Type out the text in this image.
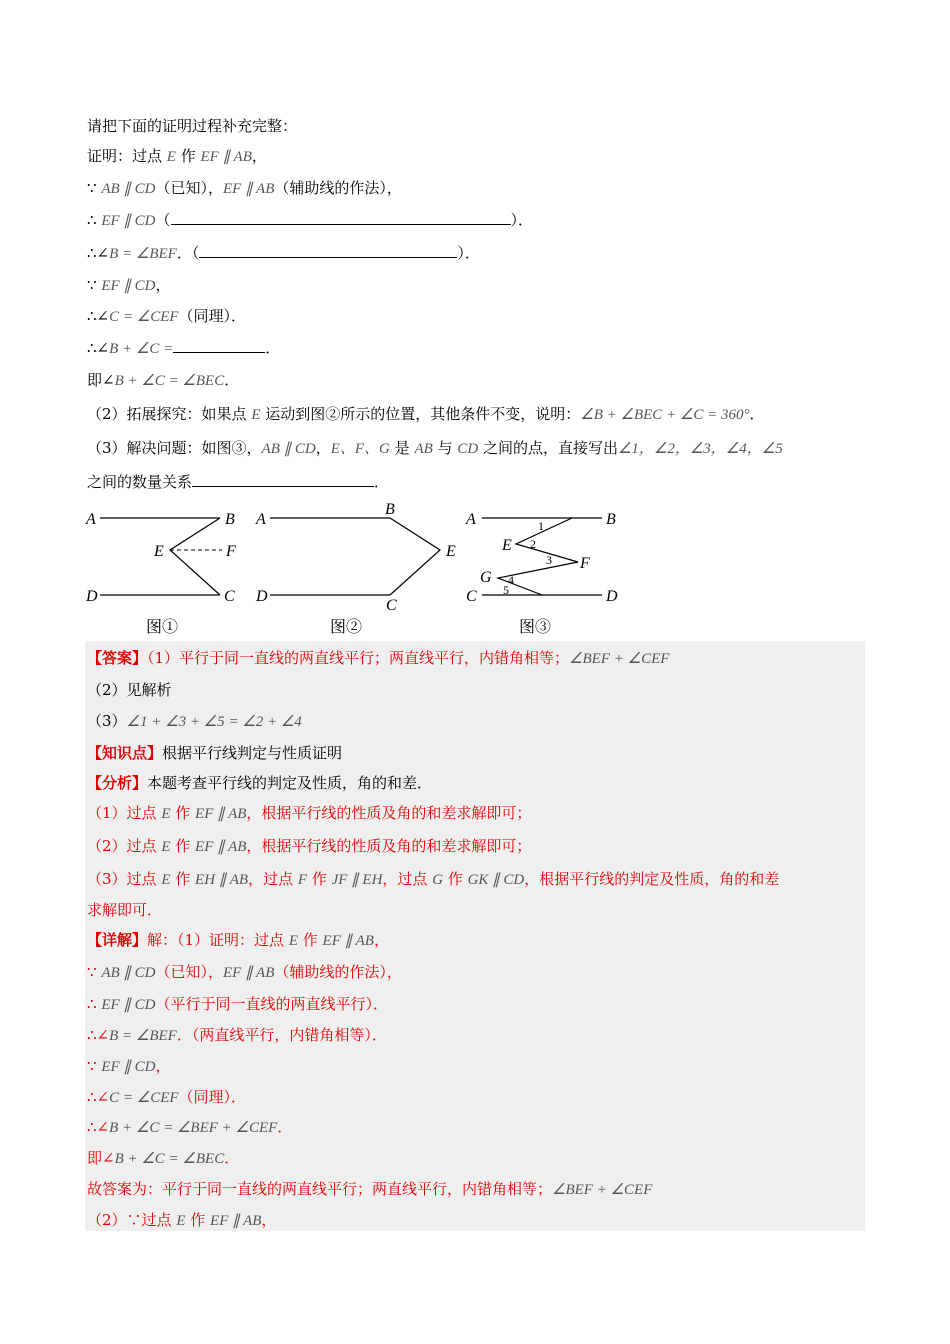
请把下面的证明过程补充完整：
证明：过点 E 作 EF ∥ AB，
∵ AB ∥ CD（已知），EF ∥ AB（辅助线的作法），
∴ EF ∥ CD（	）．
∴∠B = ∠BEF．（	）．
∵ EF ∥ CD，
∴∠C = ∠CEF（同理）．
∴∠B + ∠C =	．
即∠B + ∠C = ∠BEC．
（2）拓展探究：如果点 E 运动到图②所示的位置，其他条件不变，说明：∠B + ∠BEC + ∠C = 360°．
（3）解决问题：如图③，AB ∥ CD，E、F、G 是 AB 与 CD 之间的点，直接写出∠1，∠2，∠3，∠4，∠5
之间的数量关系	．
A	B
E	F
D	C
A
B
E
D
C
A	B
E
F
G
C	D
1
2
3
4
5
图①	图②	图③
【答案】（1）平行于同一直线的两直线平行；两直线平行，内错角相等；∠BEF + ∠CEF
（2）见解析
（3）∠1 + ∠3 + ∠5 = ∠2 + ∠4
【知识点】根据平行线判定与性质证明
【分析】本题考查平行线的判定及性质，角的和差．
（1）过点 E 作 EF ∥ AB，根据平行线的性质及角的和差求解即可；
（2）过点 E 作 EF ∥ AB，根据平行线的性质及角的和差求解即可；
（3）过点 E 作 EH ∥ AB，过点 F 作 JF ∥ EH，过点 G 作 GK ∥ CD，根据平行线的判定及性质，角的和差
求解即可．
【详解】解：（1）证明：过点 E 作 EF ∥ AB，
∵ AB ∥ CD（已知），EF ∥ AB（辅助线的作法），
∴ EF ∥ CD（平行于同一直线的两直线平行）．
∴∠B = ∠BEF．（两直线平行，内错角相等）．
∵ EF ∥ CD，
∴∠C = ∠CEF（同理）．
∴∠B + ∠C = ∠BEF + ∠CEF．
即∠B + ∠C = ∠BEC．
故答案为：平行于同一直线的两直线平行；两直线平行，内错角相等；∠BEF + ∠CEF
（2）∵过点 E 作 EF ∥ AB，
